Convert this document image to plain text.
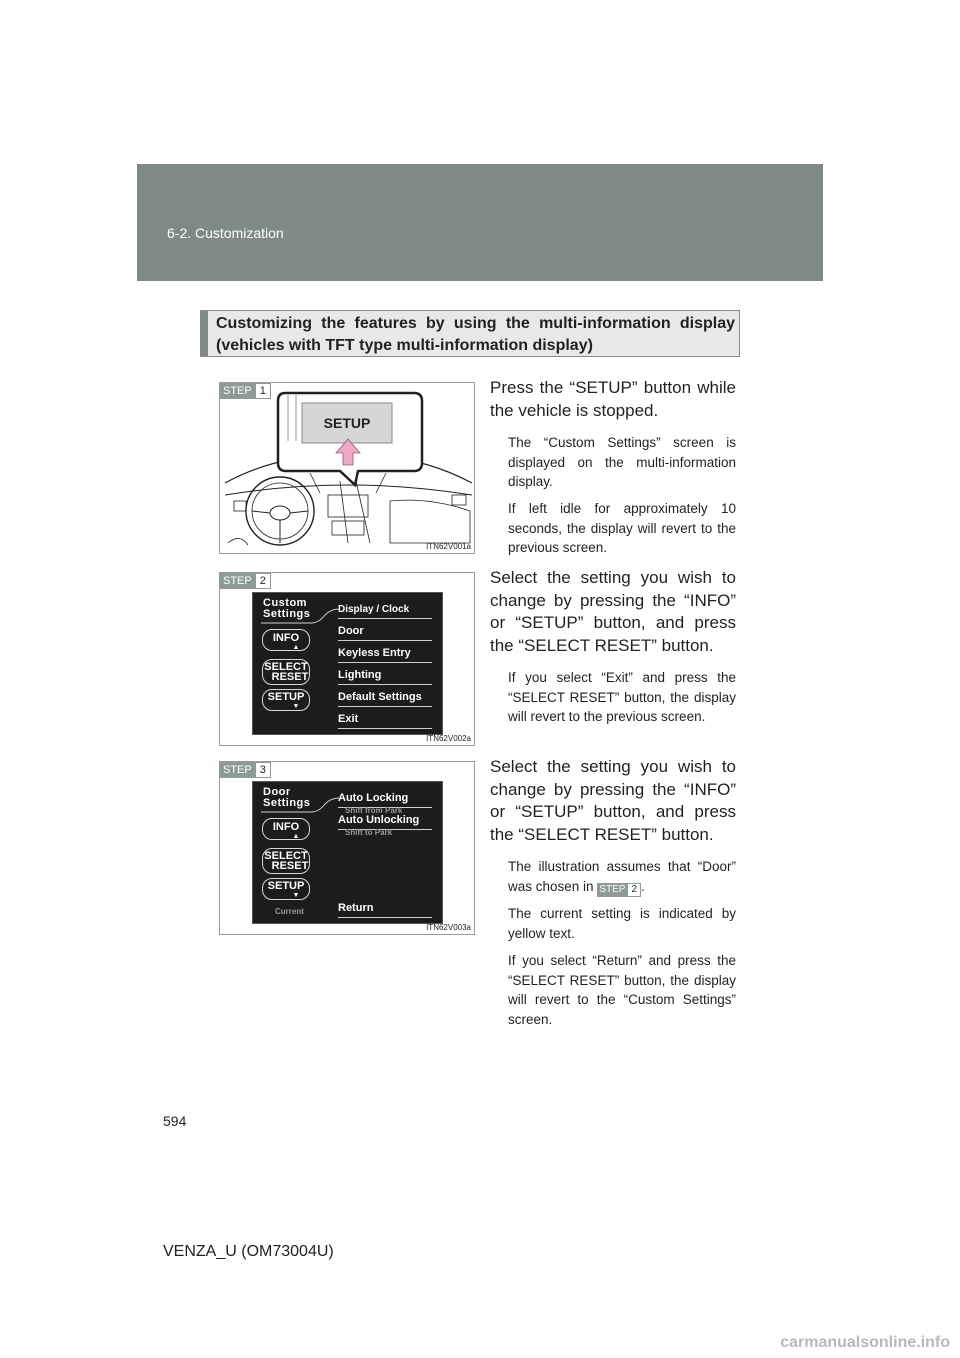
6-2. Customization
Customizing the features by using the multi-information display (vehicles with TFT type multi-information display)
SETUP
STEP 1
ITN62V001a
Press the “SETUP” button while the vehicle is stopped.
The “Custom Settings” screen is displayed on the multi-information display.
If left idle for approximately 10 seconds, the display will revert to the previous screen.
Custom
Settings
INFO
▲
SELECT
RESET
SETUP
▼
Display / Clock
Door
Keyless Entry
Lighting
Default Settings
Exit
STEP 2
ITN62V002a
Select the setting you wish to change by pressing the “INFO” or “SETUP” button, and press the “SELECT RESET” button.
If you select “Exit” and press the “SELECT RESET” button, the display will revert to the previous screen.
Door
Settings
INFO
▲
SELECT
RESET
SETUP
▼
Current
Auto Locking
Shift from Park
Auto Unlocking
Shift to Park
Return
STEP 3
ITN62V003a
Select the setting you wish to change by pressing the “INFO” or “SETUP” button, and press the “SELECT RESET” button.
The illustration assumes that “Door” was chosen in STEP 2 .
The current setting is indicated by yellow text.
If you select “Return” and press the “SELECT RESET” button, the display will revert to the “Custom Settings” screen.
594
VENZA_U (OM73004U)
carmanualsonline.info
